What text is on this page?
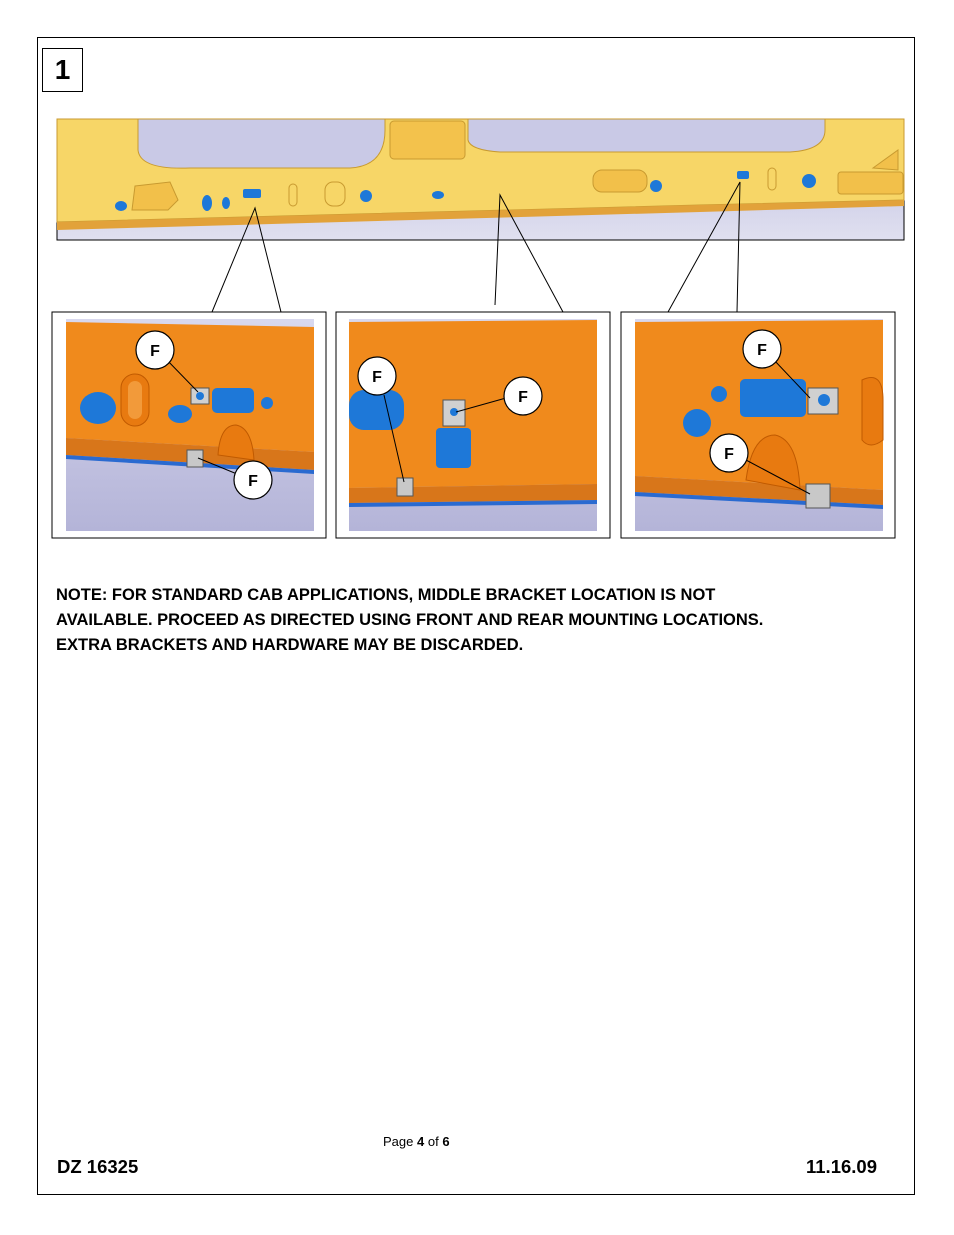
1
F
F
F
F
F
F
NOTE: FOR STANDARD CAB APPLICATIONS, MIDDLE BRACKET LOCATION IS NOT
AVAILABLE. PROCEED AS DIRECTED USING FRONT AND REAR MOUNTING LOCATIONS.
EXTRA BRACKETS AND HARDWARE MAY BE DISCARDED.
Page 4 of 6
DZ 16325	11.16.09
